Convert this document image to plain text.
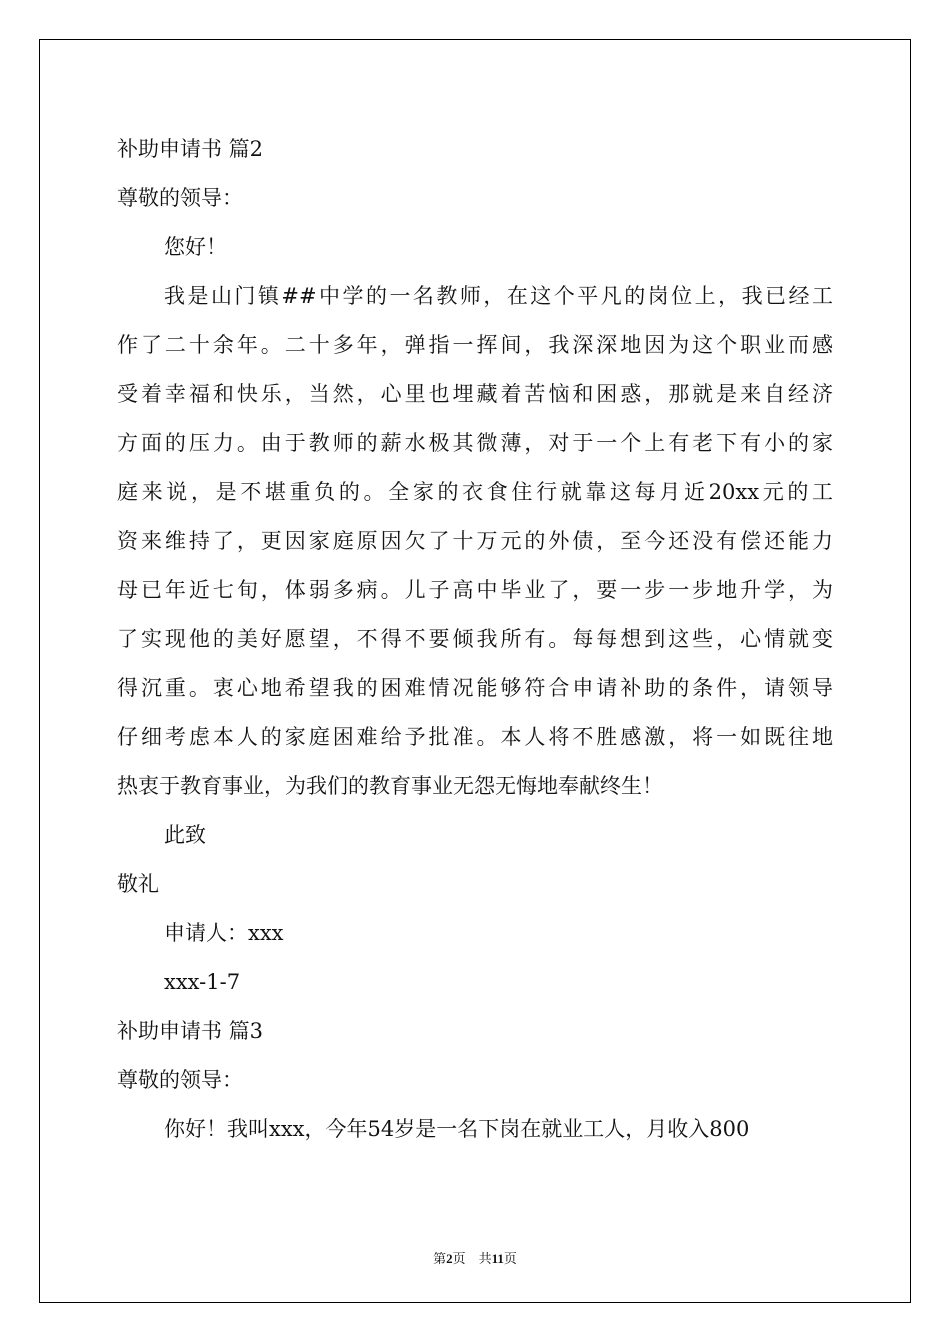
补助申请书 篇2
尊敬的领导：
您好！
我是山门镇##中学的一名教师，在这个平凡的岗位上，我已经工
作了二十余年。二十多年，弹指一挥间，我深深地因为这个职业而感
受着幸福和快乐，当然，心里也埋藏着苦恼和困惑，那就是来自经济
方面的压力。由于教师的薪水极其微薄，对于一个上有老下有小的家
庭来说，是不堪重负的。全家的衣食住行就靠这每月近20xx元的工
资来维持了，更因家庭原因欠了十万元的外债，至今还没有偿还能力
母已年近七旬，体弱多病。儿子高中毕业了，要一步一步地升学，为
了实现他的美好愿望，不得不要倾我所有。每每想到这些，心情就变
得沉重。衷心地希望我的困难情况能够符合申请补助的条件，请领导
仔细考虑本人的家庭困难给予批准。本人将不胜感激，将一如既往地
热衷于教育事业，为我们的教育事业无怨无悔地奉献终生！
此致
敬礼
申请人：xxx
xxx-1-7
补助申请书 篇3
尊敬的领导：
你好！我叫xxx，今年54岁是一名下岗在就业工人，月收入800
第2页 共11页
